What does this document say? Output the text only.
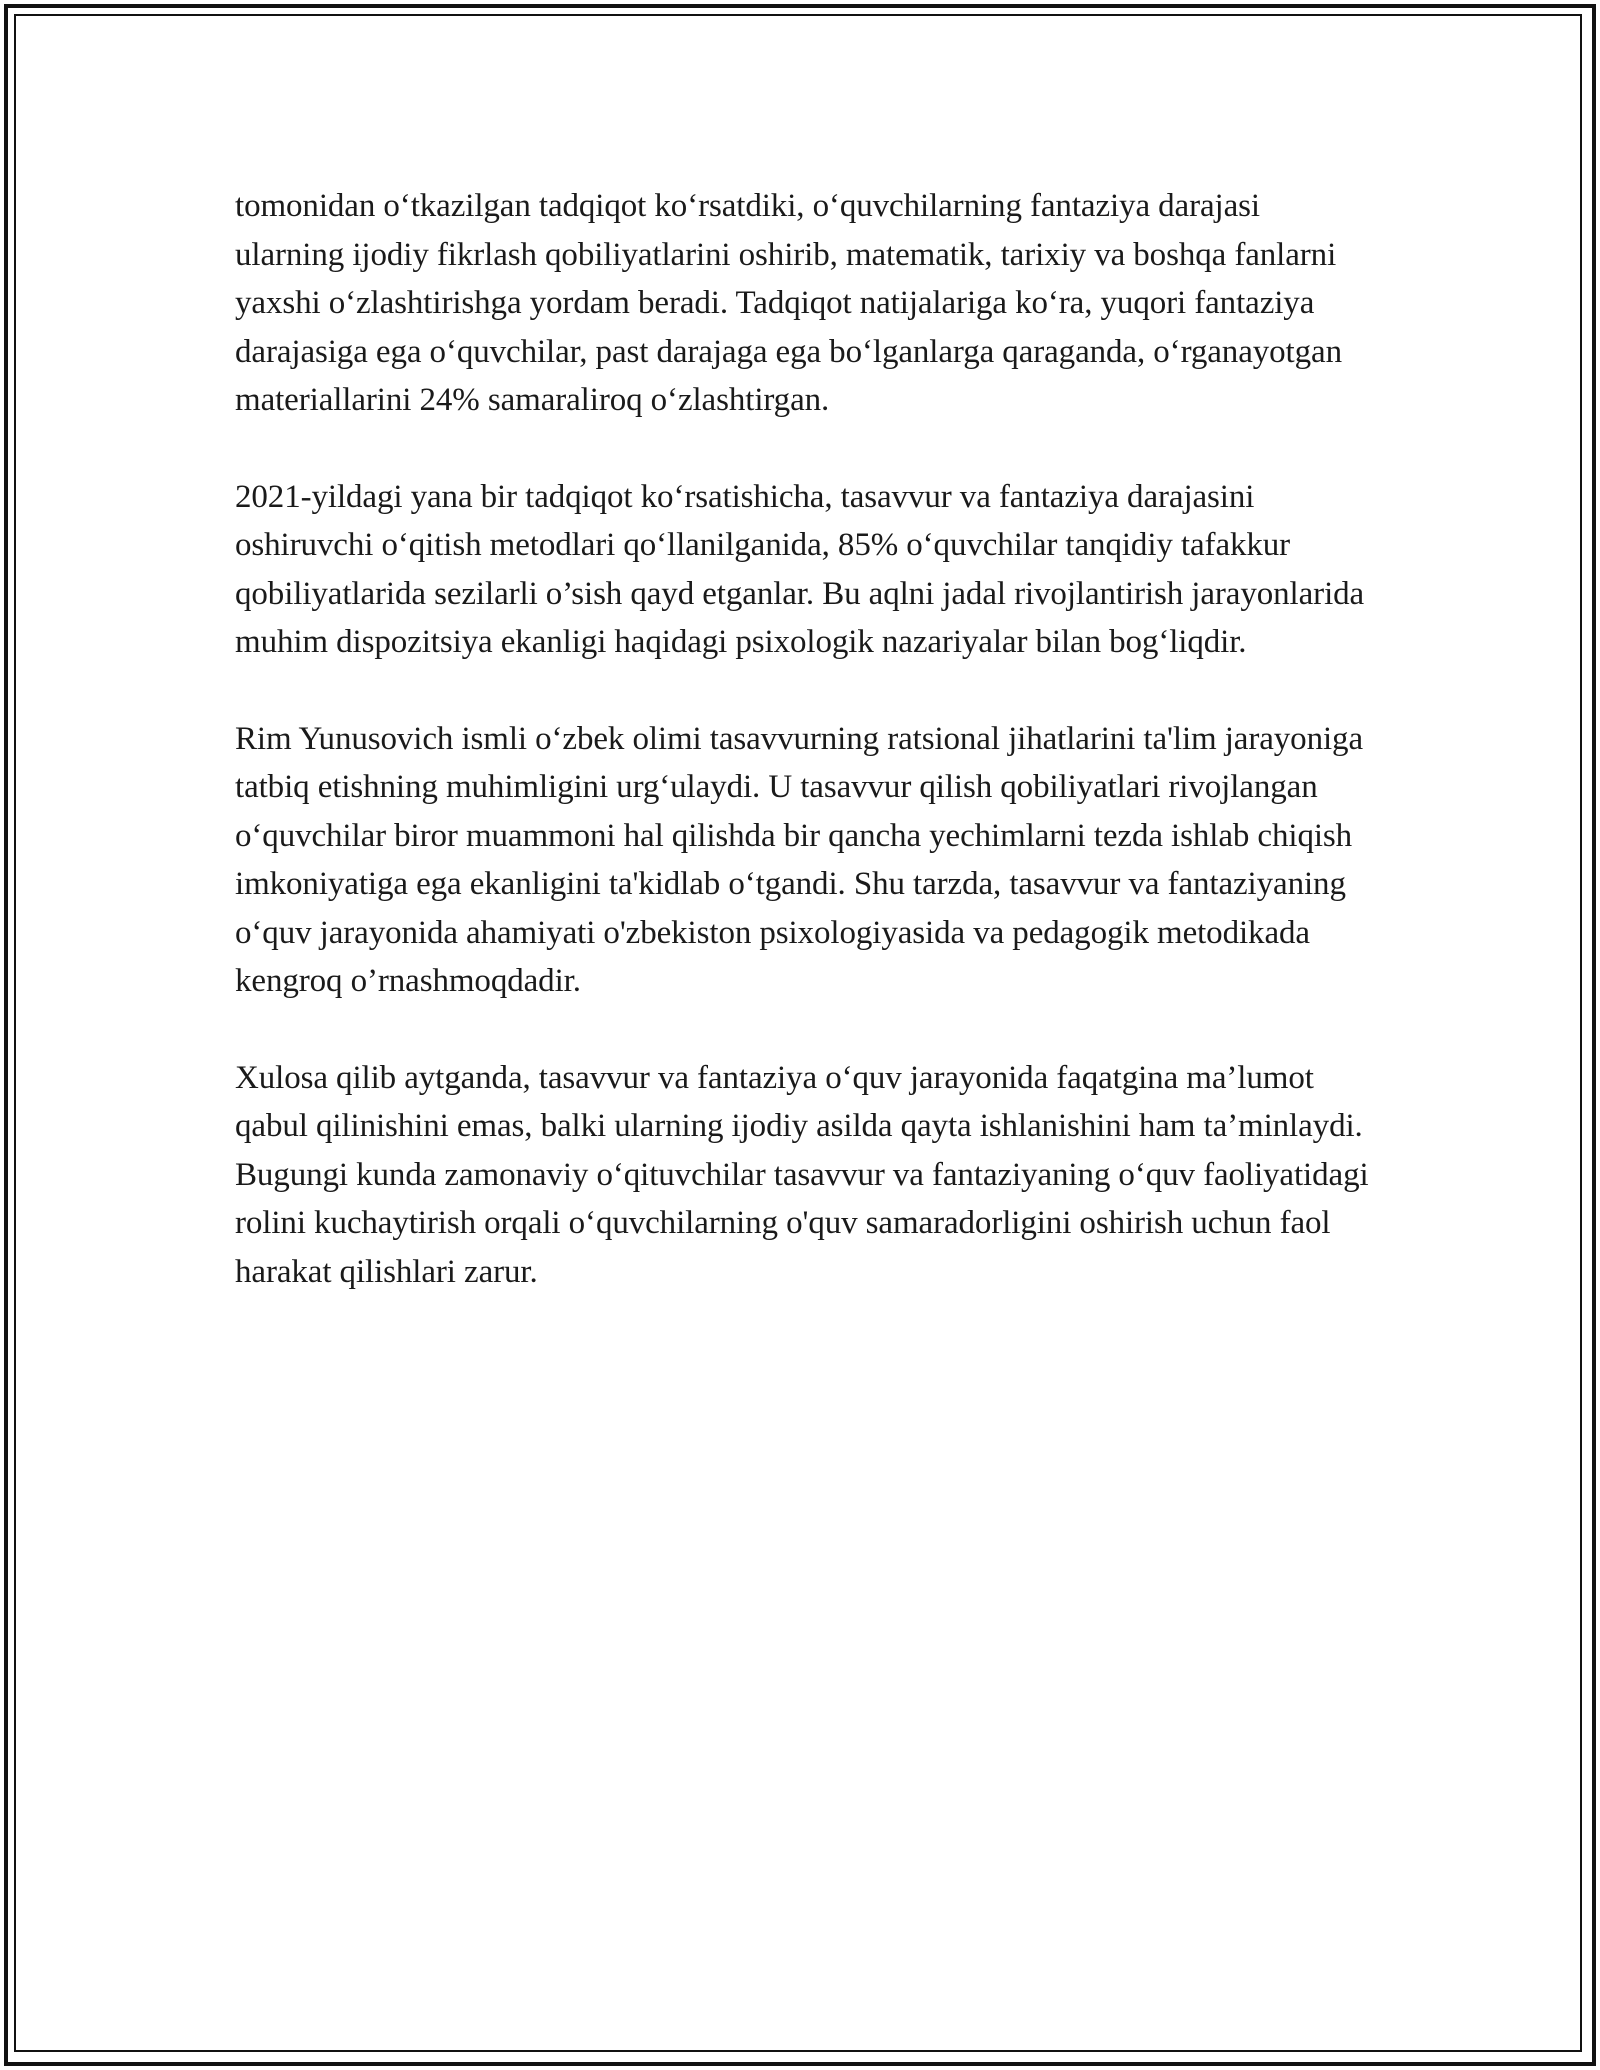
tomonidan o‘tkazilgan tadqiqot ko‘rsatdiki, o‘quvchilarning fantaziya darajasi ularning ijodiy fikrlash qobiliyatlarini oshirib, matematik, tarixiy va boshqa fanlarni yaxshi o‘zlashtirishga yordam beradi. Tadqiqot natijalariga ko‘ra, yuqori fantaziya darajasiga ega o‘quvchilar, past darajaga ega bo‘lganlarga qaraganda, o‘rganayotgan materiallarini 24% samaraliroq o‘zlashtirgan.

2021-yildagi yana bir tadqiqot ko‘rsatishicha, tasavvur va fantaziya darajasini oshiruvchi o‘qitish metodlari qo‘llanilganida, 85% o‘quvchilar tanqidiy tafakkur qobiliyatlarida sezilarli o’sish qayd etganlar. Bu aqlni jadal rivojlantirish jarayonlarida muhim dispozitsiya ekanligi haqidagi psixologik nazariyalar bilan bog‘liqdir.

Rim Yunusovich ismli o‘zbek olimi tasavvurning ratsional jihatlarini ta'lim jarayoniga tatbiq etishning muhimligini urg‘ulaydi. U tasavvur qilish qobiliyatlari rivojlangan o‘quvchilar biror muammoni hal qilishda bir qancha yechimlarni tezda ishlab chiqish imkoniyatiga ega ekanligini ta'kidlab o‘tgandi. Shu tarzda, tasavvur va fantaziyaning o‘quv jarayonida ahamiyati o'zbekiston psixologiyasida va pedagogik metodikada kengroq o’rnashmoqdadir.

Xulosa qilib aytganda, tasavvur va fantaziya o‘quv jarayonida faqatgina ma’lumot qabul qilinishini emas, balki ularning ijodiy asilda qayta ishlanishini ham ta’minlaydi. Bugungi kunda zamonaviy o‘qituvchilar tasavvur va fantaziyaning o‘quv faoliyatidagi rolini kuchaytirish orqali o‘quvchilarning o'quv samaradorligini oshirish uchun faol harakat qilishlari zarur.
